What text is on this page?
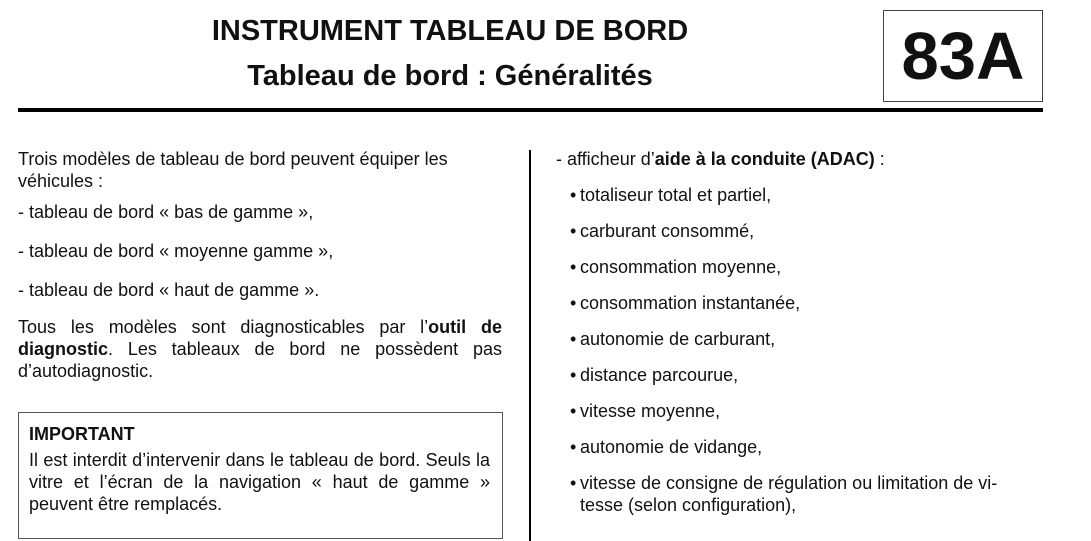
INSTRUMENT TABLEAU DE BORD
Tableau de bord : Généralités	83A

Trois modèles de tableau de bord peuvent équiper les véhicules :

- tableau de bord « bas de gamme »,

- tableau de bord « moyenne gamme »,

- tableau de bord « haut de gamme ».

Tous les modèles sont diagnosticables par l’outil de diagnostic. Les tableaux de bord ne possèdent pas d’autodiagnostic.

IMPORTANT

Il est interdit d’intervenir dans le tableau de bord. Seuls la vitre et l’écran de la navigation « haut de gamme » peuvent être remplacés.

- afficheur d’aide à la conduite (ADAC) :

• totaliseur total et partiel,
• carburant consommé,
• consommation moyenne,
• consommation instantanée,
• autonomie de carburant,
• distance parcourue,
• vitesse moyenne,
• autonomie de vidange,
• vitesse de consigne de régulation ou limitation de vi- tesse (selon configuration),
